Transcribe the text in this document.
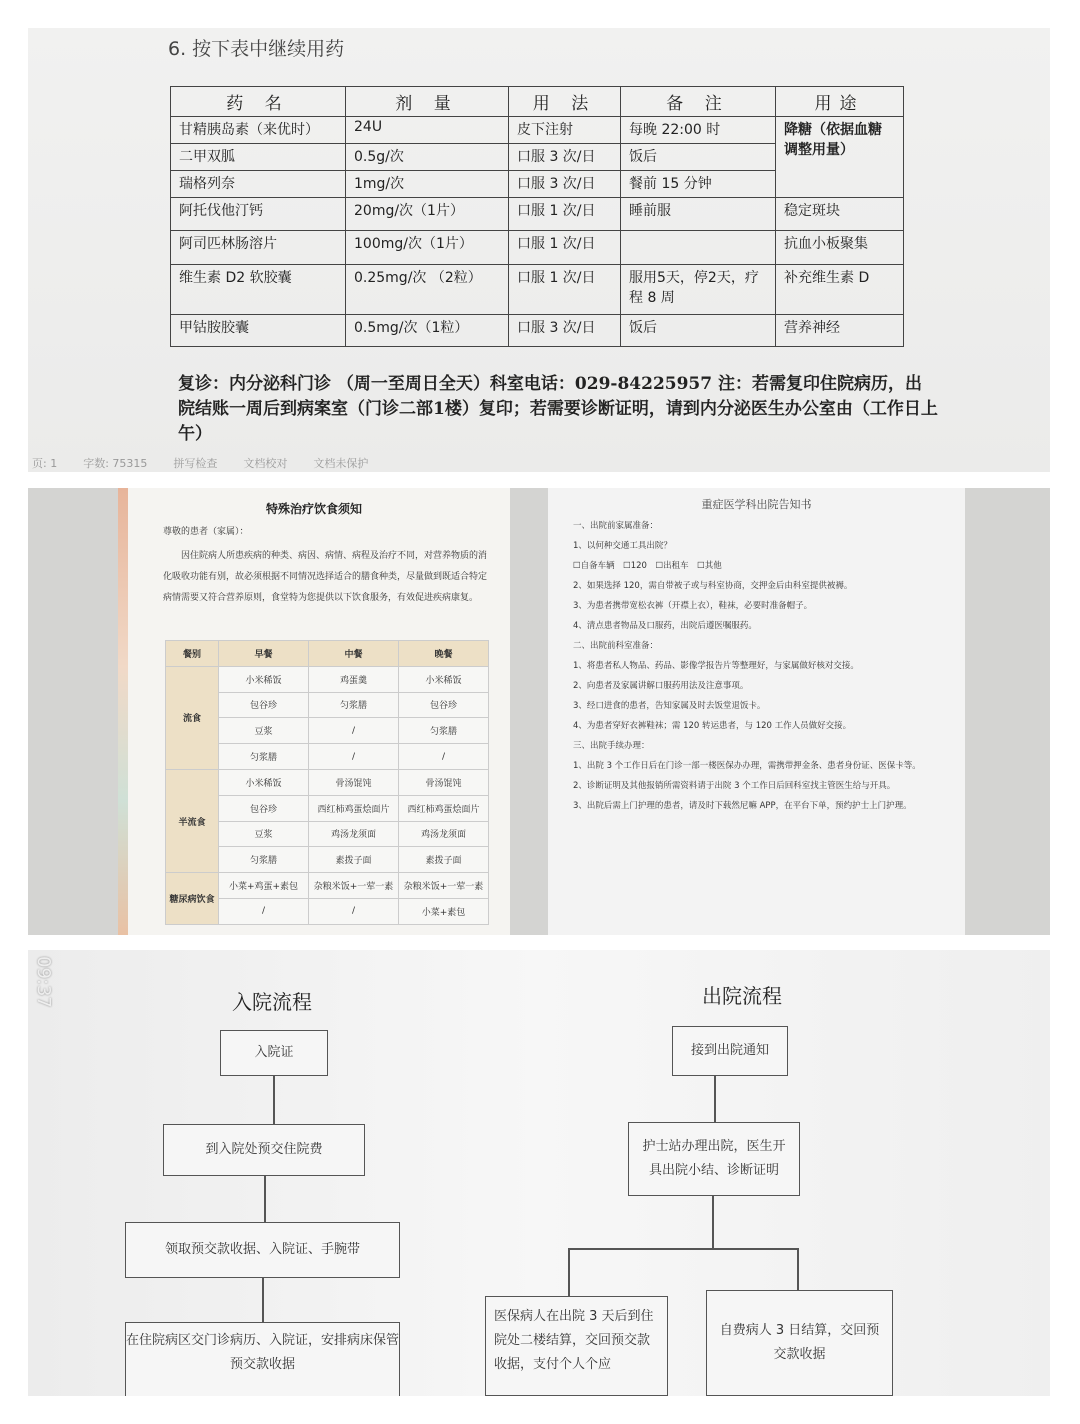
6. 按下表中继续用药
药 名	剂 量	用 法	备 注	用途
甘精胰岛素（来优时）	24U	皮下注射	每晚 22:00 时	降糖（依据血糖调整用量）
二甲双胍	0.5g/次	口服 3 次/日	饭后	
瑞格列奈	1mg/次	口服 3 次/日	餐前 15 分钟	
阿托伐他汀钙	20mg/次（1片）	口服 1 次/日	睡前服	稳定斑块
阿司匹林肠溶片	100mg/次（1片）	口服 1 次/日		抗血小板聚集
维生素 D2 软胶囊	0.25mg/次 （2粒）	口服 1 次/日	服用5天，停2天，疗程 8 周	补充维生素 D
甲钴胺胶囊	0.5mg/次（1粒）	口服 3 次/日	饭后	营养神经
复诊：内分泌科门诊 （周一至周日全天）科室电话：029-84225957 注：若需复印住院病历，出院结账一周后到病案室（门诊二部1楼）复印；若需要诊断证明，请到内分泌医生办公室由（工作日上午）
页: 1 字数: 75315 拼写检查 文档校对 文档未保护
特殊治疗饮食须知
尊敬的患者（家属）：
因住院病人所患疾病的种类、病因、病情、病程及治疗不同，对营养物质的消化吸收功能有别，故必须根据不同情况选择适合的膳食种类，尽量做到既适合特定病情需要又符合营养原则，食堂特为您提供以下饮食服务，有效促进疾病康复。
餐别	早餐	中餐	晚餐
流食	小米稀饭	鸡蛋羹	小米稀饭
	包谷珍	匀浆膳	包谷珍
	豆浆	/	匀浆膳
	匀浆膳	/	/
半流食	小米稀饭	骨汤馄饨	骨汤馄饨
	包谷珍	西红柿鸡蛋烩面片	西红柿鸡蛋烩面片
	豆浆	鸡汤龙须面	鸡汤龙须面
	匀浆膳	素拨子面	素拨子面
糖尿病饮食	小菜+鸡蛋+素包	杂粮米饭+一荤一素	杂粮米饭+一荤一素
	/	/	小菜+素包
重症医学科出院告知书
一、出院前家属准备：
1、以何种交通工具出院？
☐自备车辆　☐120　☐出租车　☐其他
2、如果选择 120，需自带被子或与科室协商，交押金后由科室提供被褥。
3、为患者携带宽松衣裤（开襟上衣），鞋袜，必要时准备帽子。
4、清点患者物品及口服药，出院后遵医嘱服药。
二、出院前科室准备：
1、将患者私人物品、药品、影像学报告片等整理好，与家属做好核对交接。
2、向患者及家属讲解口服药用法及注意事项。
3、经口进食的患者，告知家属及时去饭堂退饭卡。
4、为患者穿好衣裤鞋袜；需 120 转运患者，与 120 工作人员做好交接。
三、出院手续办理：
1、出院 3 个工作日后在门诊一部一楼医保办办理，需携带押金条、患者身份证、医保卡等。
2、诊断证明及其他报销所需资料请于出院 3 个工作日后回科室找主管医生给与开具。
3、出院后需上门护理的患者，请及时下载然尼嘛 APP，在平台下单，预约护士上门护理。
09:37	入院流程
入院证
到入院处预交住院费
领取预交款收据、入院证、手腕带
在住院病区交门诊病历、入院证，安排病床保管预交款收据
出院流程
接到出院通知
护士站办理出院，医生开具出院小结、诊断证明
医保病人在出院 3 天后到住院处二楼结算，交回预交款收据，支付个人个应
自费病人 3 日结算，交回预交款收据
